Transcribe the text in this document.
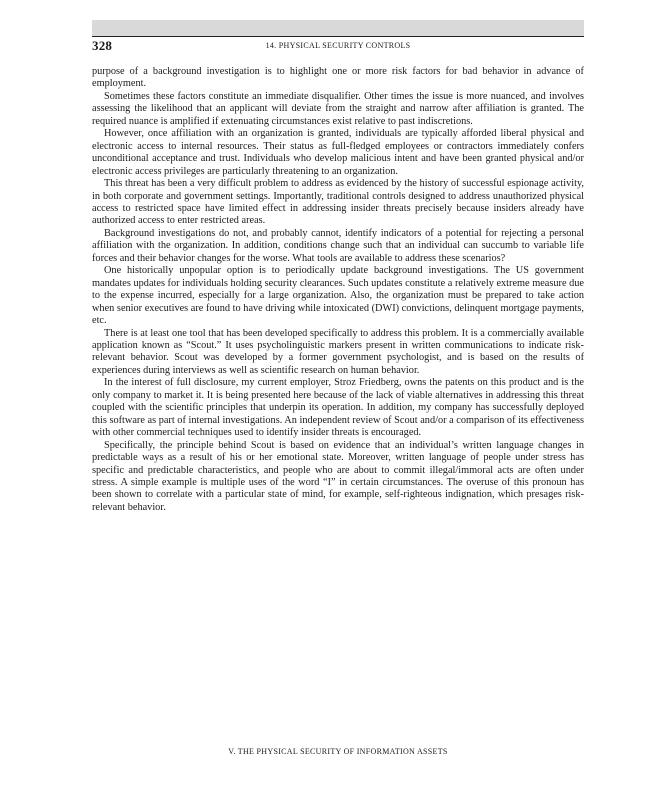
328	14. PHYSICAL SECURITY CONTROLS

purpose of a background investigation is to highlight one or more risk factors for bad behavior in advance of employment.

Sometimes these factors constitute an immediate disqualifier. Other times the issue is more nuanced, and involves assessing the likelihood that an applicant will deviate from the straight and narrow after affiliation is granted. The required nuance is amplified if extenuating circumstances exist relative to past indiscretions.

However, once affiliation with an organization is granted, individuals are typically afforded liberal physical and electronic access to internal resources. Their status as full-fledged employees or contractors immediately confers unconditional acceptance and trust. Individuals who develop malicious intent and have been granted physical and/or electronic access privileges are particularly threatening to an organization.

This threat has been a very difficult problem to address as evidenced by the history of successful espionage activity, in both corporate and government settings. Importantly, traditional controls designed to address unauthorized physical access to restricted space have limited effect in addressing insider threats precisely because insiders already have authorized access to enter restricted areas.

Background investigations do not, and probably cannot, identify indicators of a potential for rejecting a personal affiliation with the organization. In addition, conditions change such that an individual can succumb to variable life forces and their behavior changes for the worse. What tools are available to address these scenarios?

One historically unpopular option is to periodically update background investigations. The US government mandates updates for individuals holding security clearances. Such updates constitute a relatively extreme measure due to the expense incurred, especially for a large organization. Also, the organization must be prepared to take action when senior executives are found to have driving while intoxicated (DWI) convictions, delinquent mortgage payments, etc.

There is at least one tool that has been developed specifically to address this problem. It is a commercially available application known as “Scout.” It uses psycholinguistic markers present in written communications to indicate risk-relevant behavior. Scout was developed by a former government psychologist, and is based on the results of experiences during interviews as well as scientific research on human behavior.

In the interest of full disclosure, my current employer, Stroz Friedberg, owns the patents on this product and is the only company to market it. It is being presented here because of the lack of viable alternatives in addressing this threat coupled with the scientific principles that underpin its operation. In addition, my company has successfully deployed this software as part of internal investigations. An independent review of Scout and/or a comparison of its effectiveness with other commercial techniques used to identify insider threats is encouraged.

Specifically, the principle behind Scout is based on evidence that an individual’s written language changes in predictable ways as a result of his or her emotional state. Moreover, written language of people under stress has specific and predictable characteristics, and people who are about to commit illegal/immoral acts are often under stress. A simple example is multiple uses of the word “I” in certain circumstances. The overuse of this pronoun has been shown to correlate with a particular state of mind, for example, self-righteous indignation, which presages risk-relevant behavior.

V. THE PHYSICAL SECURITY OF INFORMATION ASSETS
